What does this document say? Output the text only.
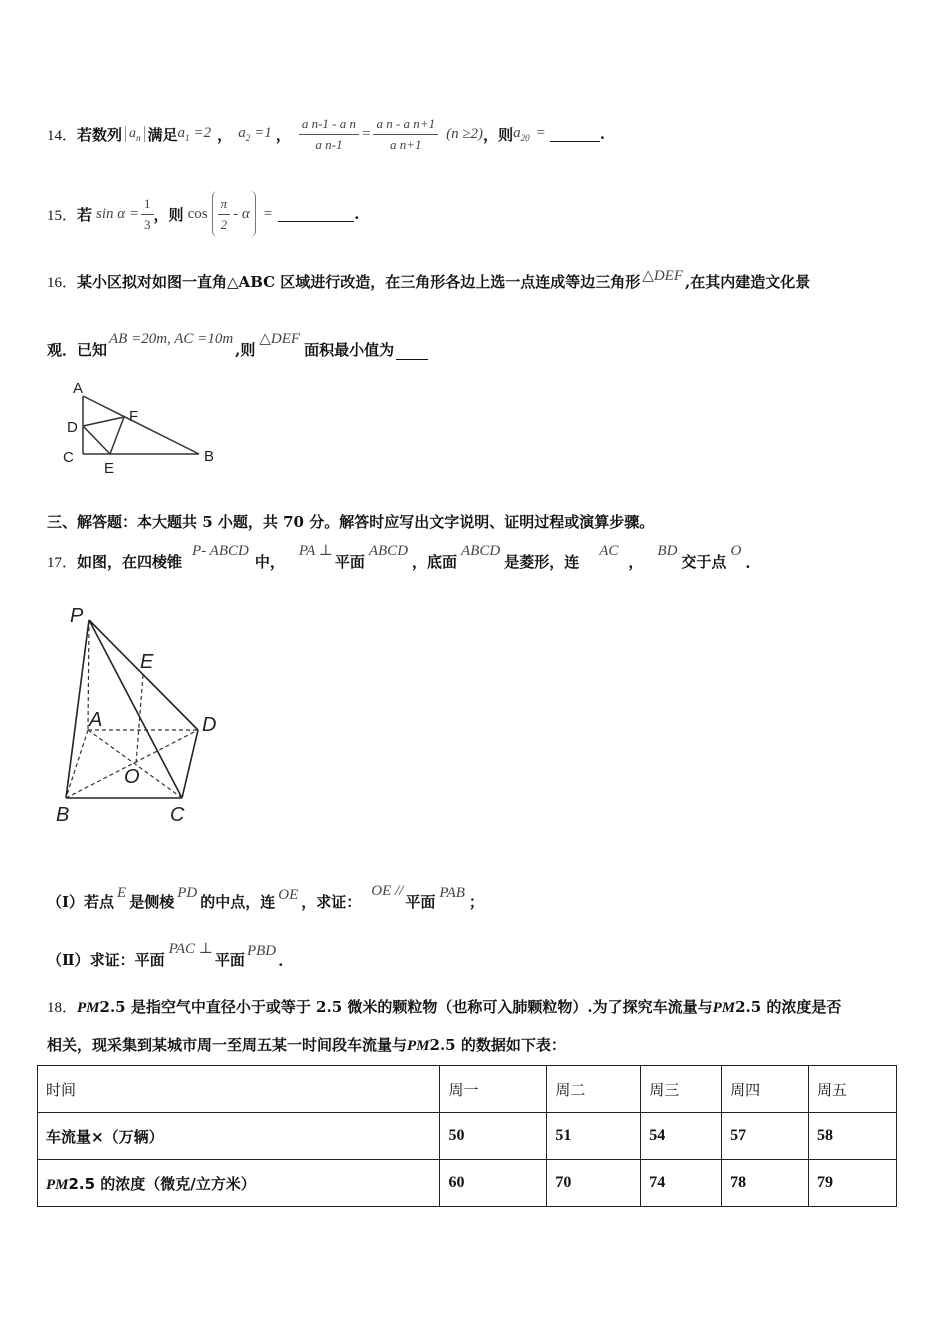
14． 若数列 $a_n$ 满足 $a_1 =2$ ， $a_2 =1$ ， $\frac{\text{a n-1 - a n}}{\text{a n-1}} = \frac{\text{a n - a n+1}}{\text{a n+1}} (n \ge 2)$ ，则 $a_{20}$ =	.
15． 若 $\sin \alpha = \frac{1}{3}$ ，则 $\cos \frac{\pi}{2}$ - α =	.
16． 某小区拟对如图一直角△ABC 区域进行改造，在三角形各边上选一点连成等边三角形 △DEF ,在其内建造文化景
观．已知
AB =20m, AC =10m
,则
△DEF
面积最小值为
A
D
C
E
F
B
三、解答题：本大题共 5 小题，共 70 分。解答时应写出文字说明、证明过程或演算步骤。
17． 如图，在四棱锥
P- ABCD
中，
PA ⊥
平面
ABCD
，底面
ABCD
是菱形，连
AC
，
BD
交于点
O
.
P
E
A	D
O
B	C
（Ⅰ）若点 E 是侧棱 PD 的中点，连 OE ，求证：
OE //
平面 PAB ；
（Ⅱ）求证：平面
PAC ⊥
平面 PBD
.
18．PM2.5 是指空气中直径小于或等于 2.5 微米的颗粒物（也称可入肺颗粒物）.为了探究车流量与PM2.5 的浓度是否
相关，现采集到某城市周一至周五某一时间段车流量与PM2.5 的数据如下表：
时间	周一	周二	周三	周四	周五
车流量×（万辆）	50	51	54	57	58
PM2.5 的浓度（微克/立方米）	60	70	74	78	79
